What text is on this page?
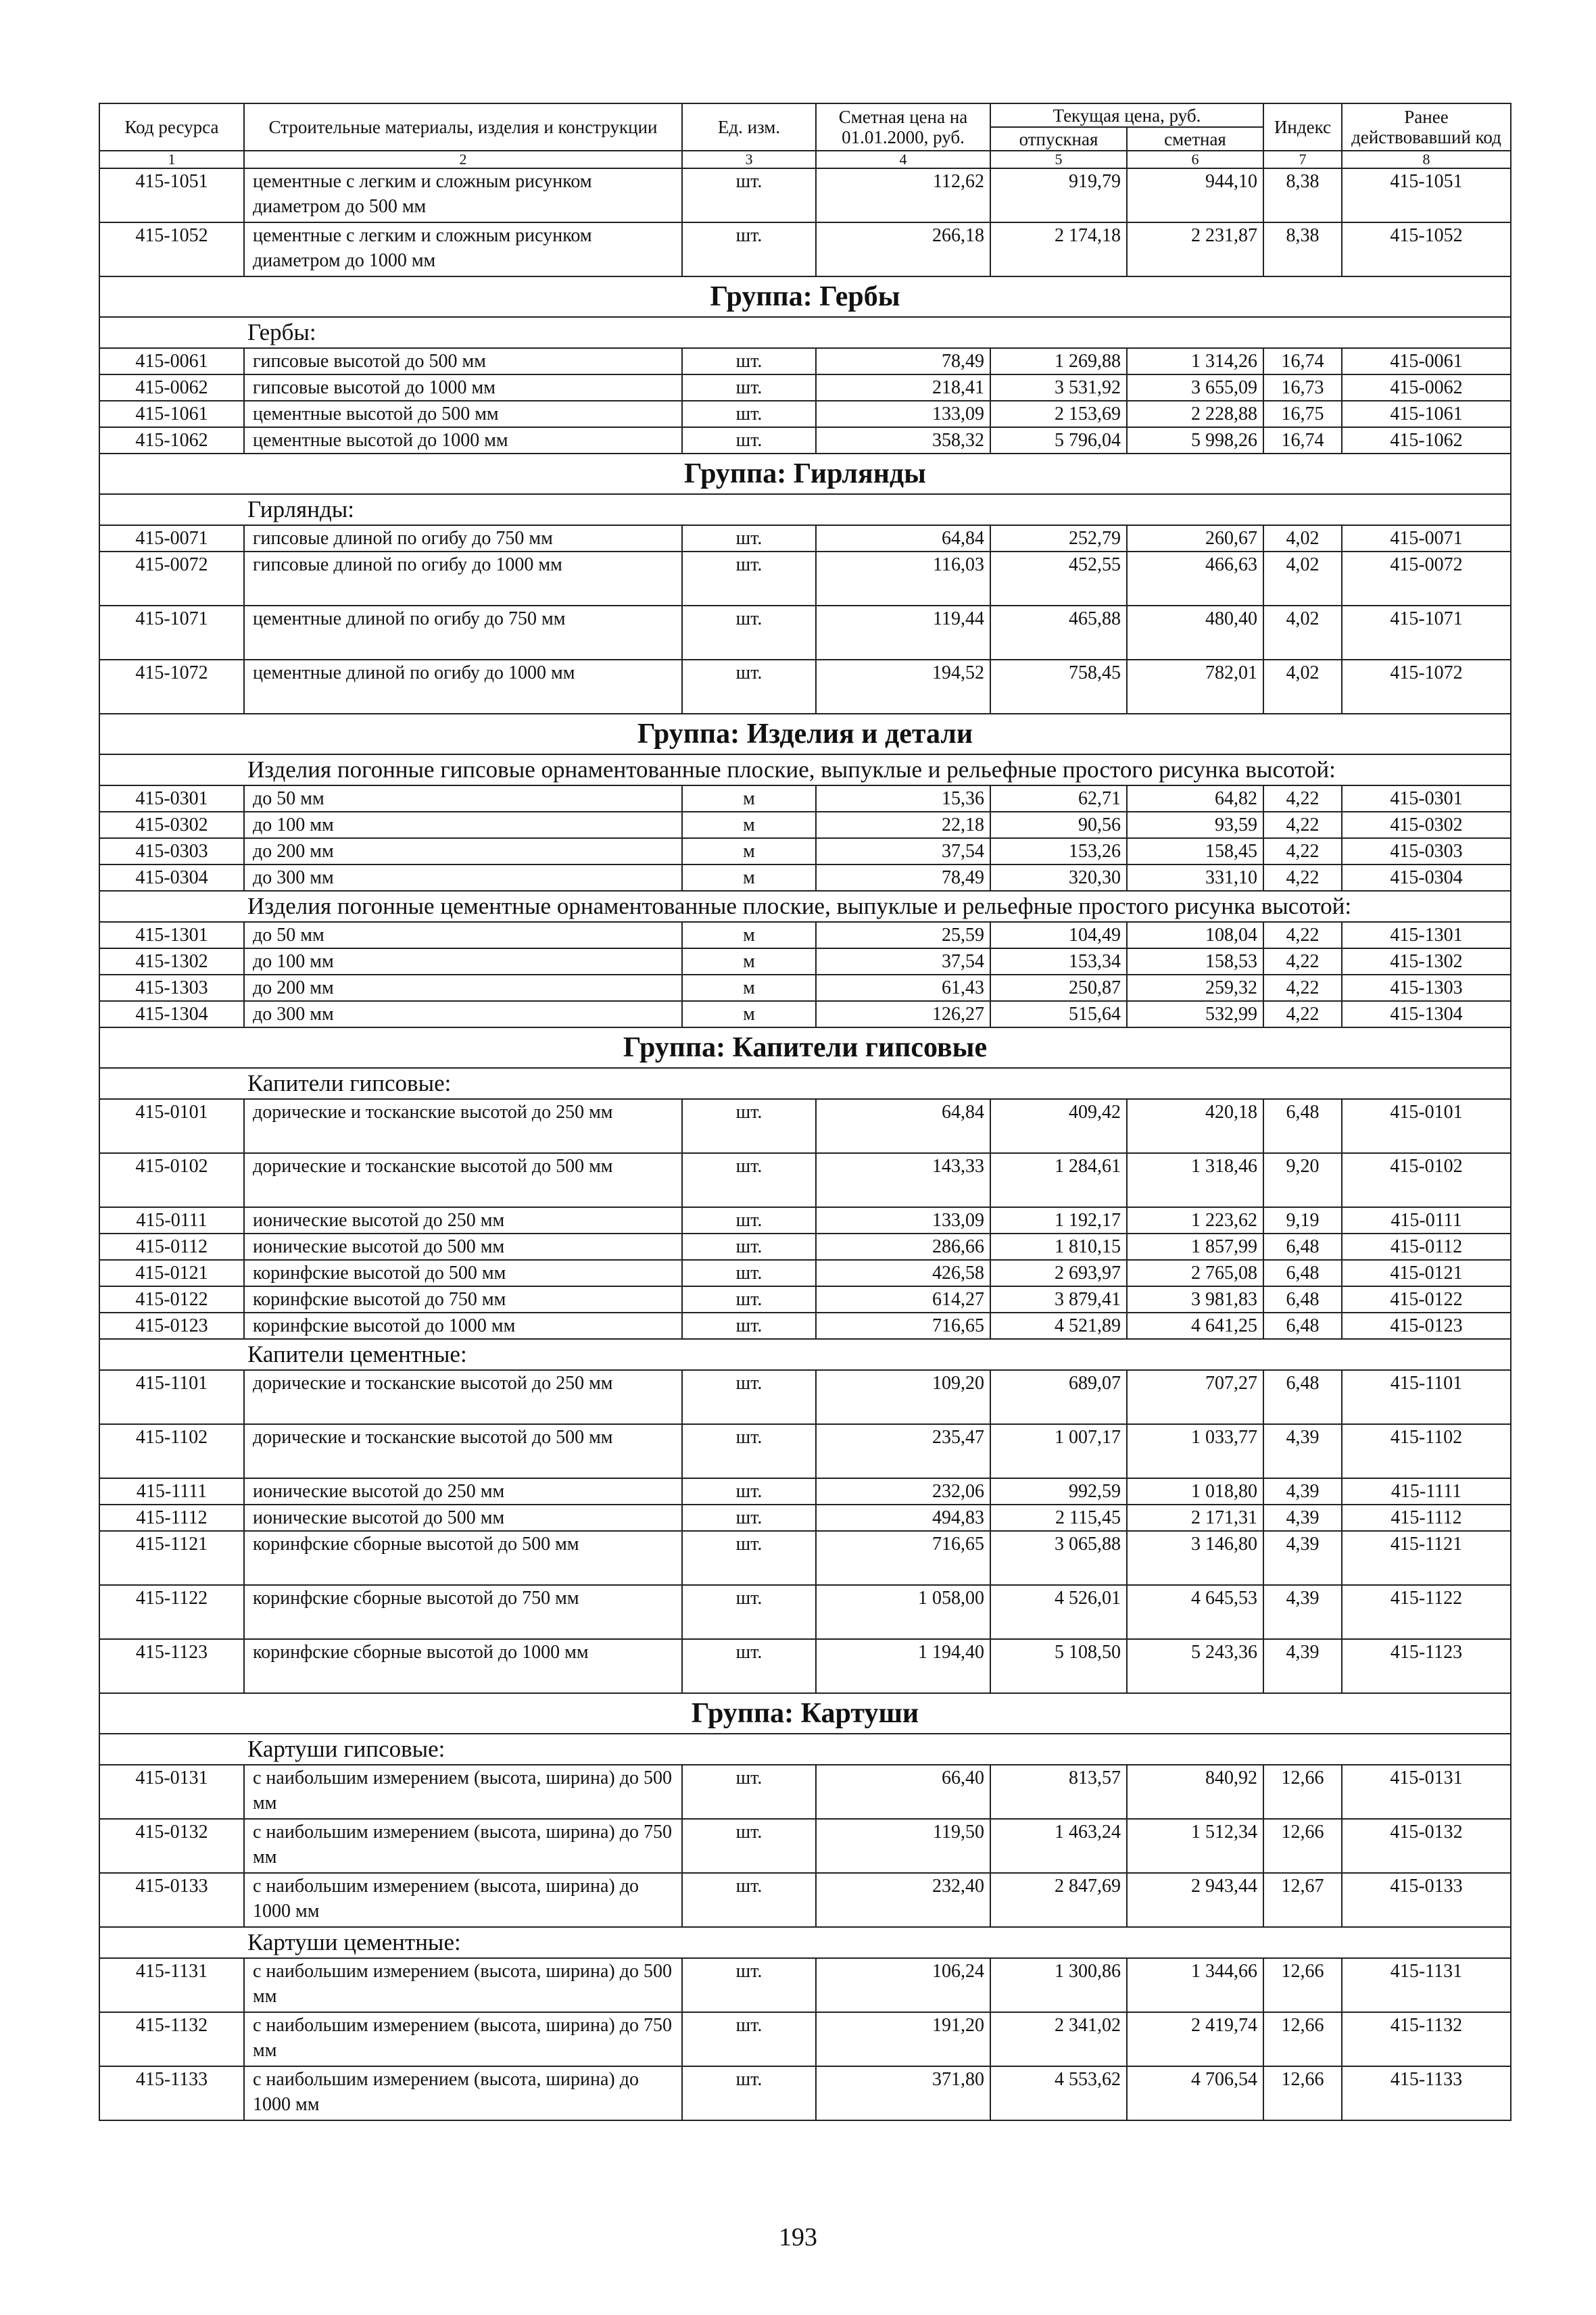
Код ресурса	Строительные материалы, изделия и конструкции	Ед. изм.	Сметная цена на 01.01.2000, руб.	Текущая цена, руб.		Индекс	Ранее действовавший код
				отпускная	сметная		
1	2	3	4	5	6	7	8
415-1051	цементные с легким и сложным рисунком диаметром до 500 мм	шт.	112,62	919,79	944,10	8,38	415-1051
415-1052	цементные с легким и сложным рисунком диаметром до 1000 мм	шт.	266,18	2 174,18	2 231,87	8,38	415-1052
Группа: Гербы							
Гербы:							
415-0061	гипсовые высотой до 500 мм	шт.	78,49	1 269,88	1 314,26	16,74	415-0061
415-0062	гипсовые высотой до 1000 мм	шт.	218,41	3 531,92	3 655,09	16,73	415-0062
415-1061	цементные высотой до 500 мм	шт.	133,09	2 153,69	2 228,88	16,75	415-1061
415-1062	цементные высотой до 1000 мм	шт.	358,32	5 796,04	5 998,26	16,74	415-1062
Группа: Гирлянды							
Гирлянды:							
415-0071	гипсовые длиной по огибу до 750 мм	шт.	64,84	252,79	260,67	4,02	415-0071
415-0072	гипсовые длиной по огибу до 1000 мм	шт.	116,03	452,55	466,63	4,02	415-0072
415-1071	цементные длиной по огибу до 750 мм	шт.	119,44	465,88	480,40	4,02	415-1071
415-1072	цементные длиной по огибу до 1000 мм	шт.	194,52	758,45	782,01	4,02	415-1072
Группа: Изделия и детали							
Изделия погонные гипсовые орнаментованные плоские, выпуклые и рельефные простого рисунка высотой:							
415-0301	до 50 мм	м	15,36	62,71	64,82	4,22	415-0301
415-0302	до 100 мм	м	22,18	90,56	93,59	4,22	415-0302
415-0303	до 200 мм	м	37,54	153,26	158,45	4,22	415-0303
415-0304	до 300 мм	м	78,49	320,30	331,10	4,22	415-0304
Изделия погонные цементные орнаментованные плоские, выпуклые и рельефные простого рисунка высотой:							
415-1301	до 50 мм	м	25,59	104,49	108,04	4,22	415-1301
415-1302	до 100 мм	м	37,54	153,34	158,53	4,22	415-1302
415-1303	до 200 мм	м	61,43	250,87	259,32	4,22	415-1303
415-1304	до 300 мм	м	126,27	515,64	532,99	4,22	415-1304
Группа: Капители гипсовые							
Капители гипсовые:							
415-0101	дорические и тосканские высотой до 250 мм	шт.	64,84	409,42	420,18	6,48	415-0101
415-0102	дорические и тосканские высотой до 500 мм	шт.	143,33	1 284,61	1 318,46	9,20	415-0102
415-0111	ионические высотой до 250 мм	шт.	133,09	1 192,17	1 223,62	9,19	415-0111
415-0112	ионические высотой до 500 мм	шт.	286,66	1 810,15	1 857,99	6,48	415-0112
415-0121	коринфские высотой до 500 мм	шт.	426,58	2 693,97	2 765,08	6,48	415-0121
415-0122	коринфские высотой до 750 мм	шт.	614,27	3 879,41	3 981,83	6,48	415-0122
415-0123	коринфские высотой до 1000 мм	шт.	716,65	4 521,89	4 641,25	6,48	415-0123
Капители цементные:							
415-1101	дорические и тосканские высотой до 250 мм	шт.	109,20	689,07	707,27	6,48	415-1101
415-1102	дорические и тосканские высотой до 500 мм	шт.	235,47	1 007,17	1 033,77	4,39	415-1102
415-1111	ионические высотой до 250 мм	шт.	232,06	992,59	1 018,80	4,39	415-1111
415-1112	ионические высотой до 500 мм	шт.	494,83	2 115,45	2 171,31	4,39	415-1112
415-1121	коринфские сборные высотой до 500 мм	шт.	716,65	3 065,88	3 146,80	4,39	415-1121
415-1122	коринфские сборные высотой до 750 мм	шт.	1 058,00	4 526,01	4 645,53	4,39	415-1122
415-1123	коринфские сборные высотой до 1000 мм	шт.	1 194,40	5 108,50	5 243,36	4,39	415-1123
Группа: Картуши							
Картуши гипсовые:							
415-0131	с наибольшим измерением (высота, ширина) до 500 мм	шт.	66,40	813,57	840,92	12,66	415-0131
415-0132	с наибольшим измерением (высота, ширина) до 750 мм	шт.	119,50	1 463,24	1 512,34	12,66	415-0132
415-0133	с наибольшим измерением (высота, ширина) до 1000 мм	шт.	232,40	2 847,69	2 943,44	12,67	415-0133
Картуши цементные:							
415-1131	с наибольшим измерением (высота, ширина) до 500 мм	шт.	106,24	1 300,86	1 344,66	12,66	415-1131
415-1132	с наибольшим измерением (высота, ширина) до 750 мм	шт.	191,20	2 341,02	2 419,74	12,66	415-1132
415-1133	с наибольшим измерением (высота, ширина) до 1000 мм	шт.	371,80	4 553,62	4 706,54	12,66	415-1133
193
